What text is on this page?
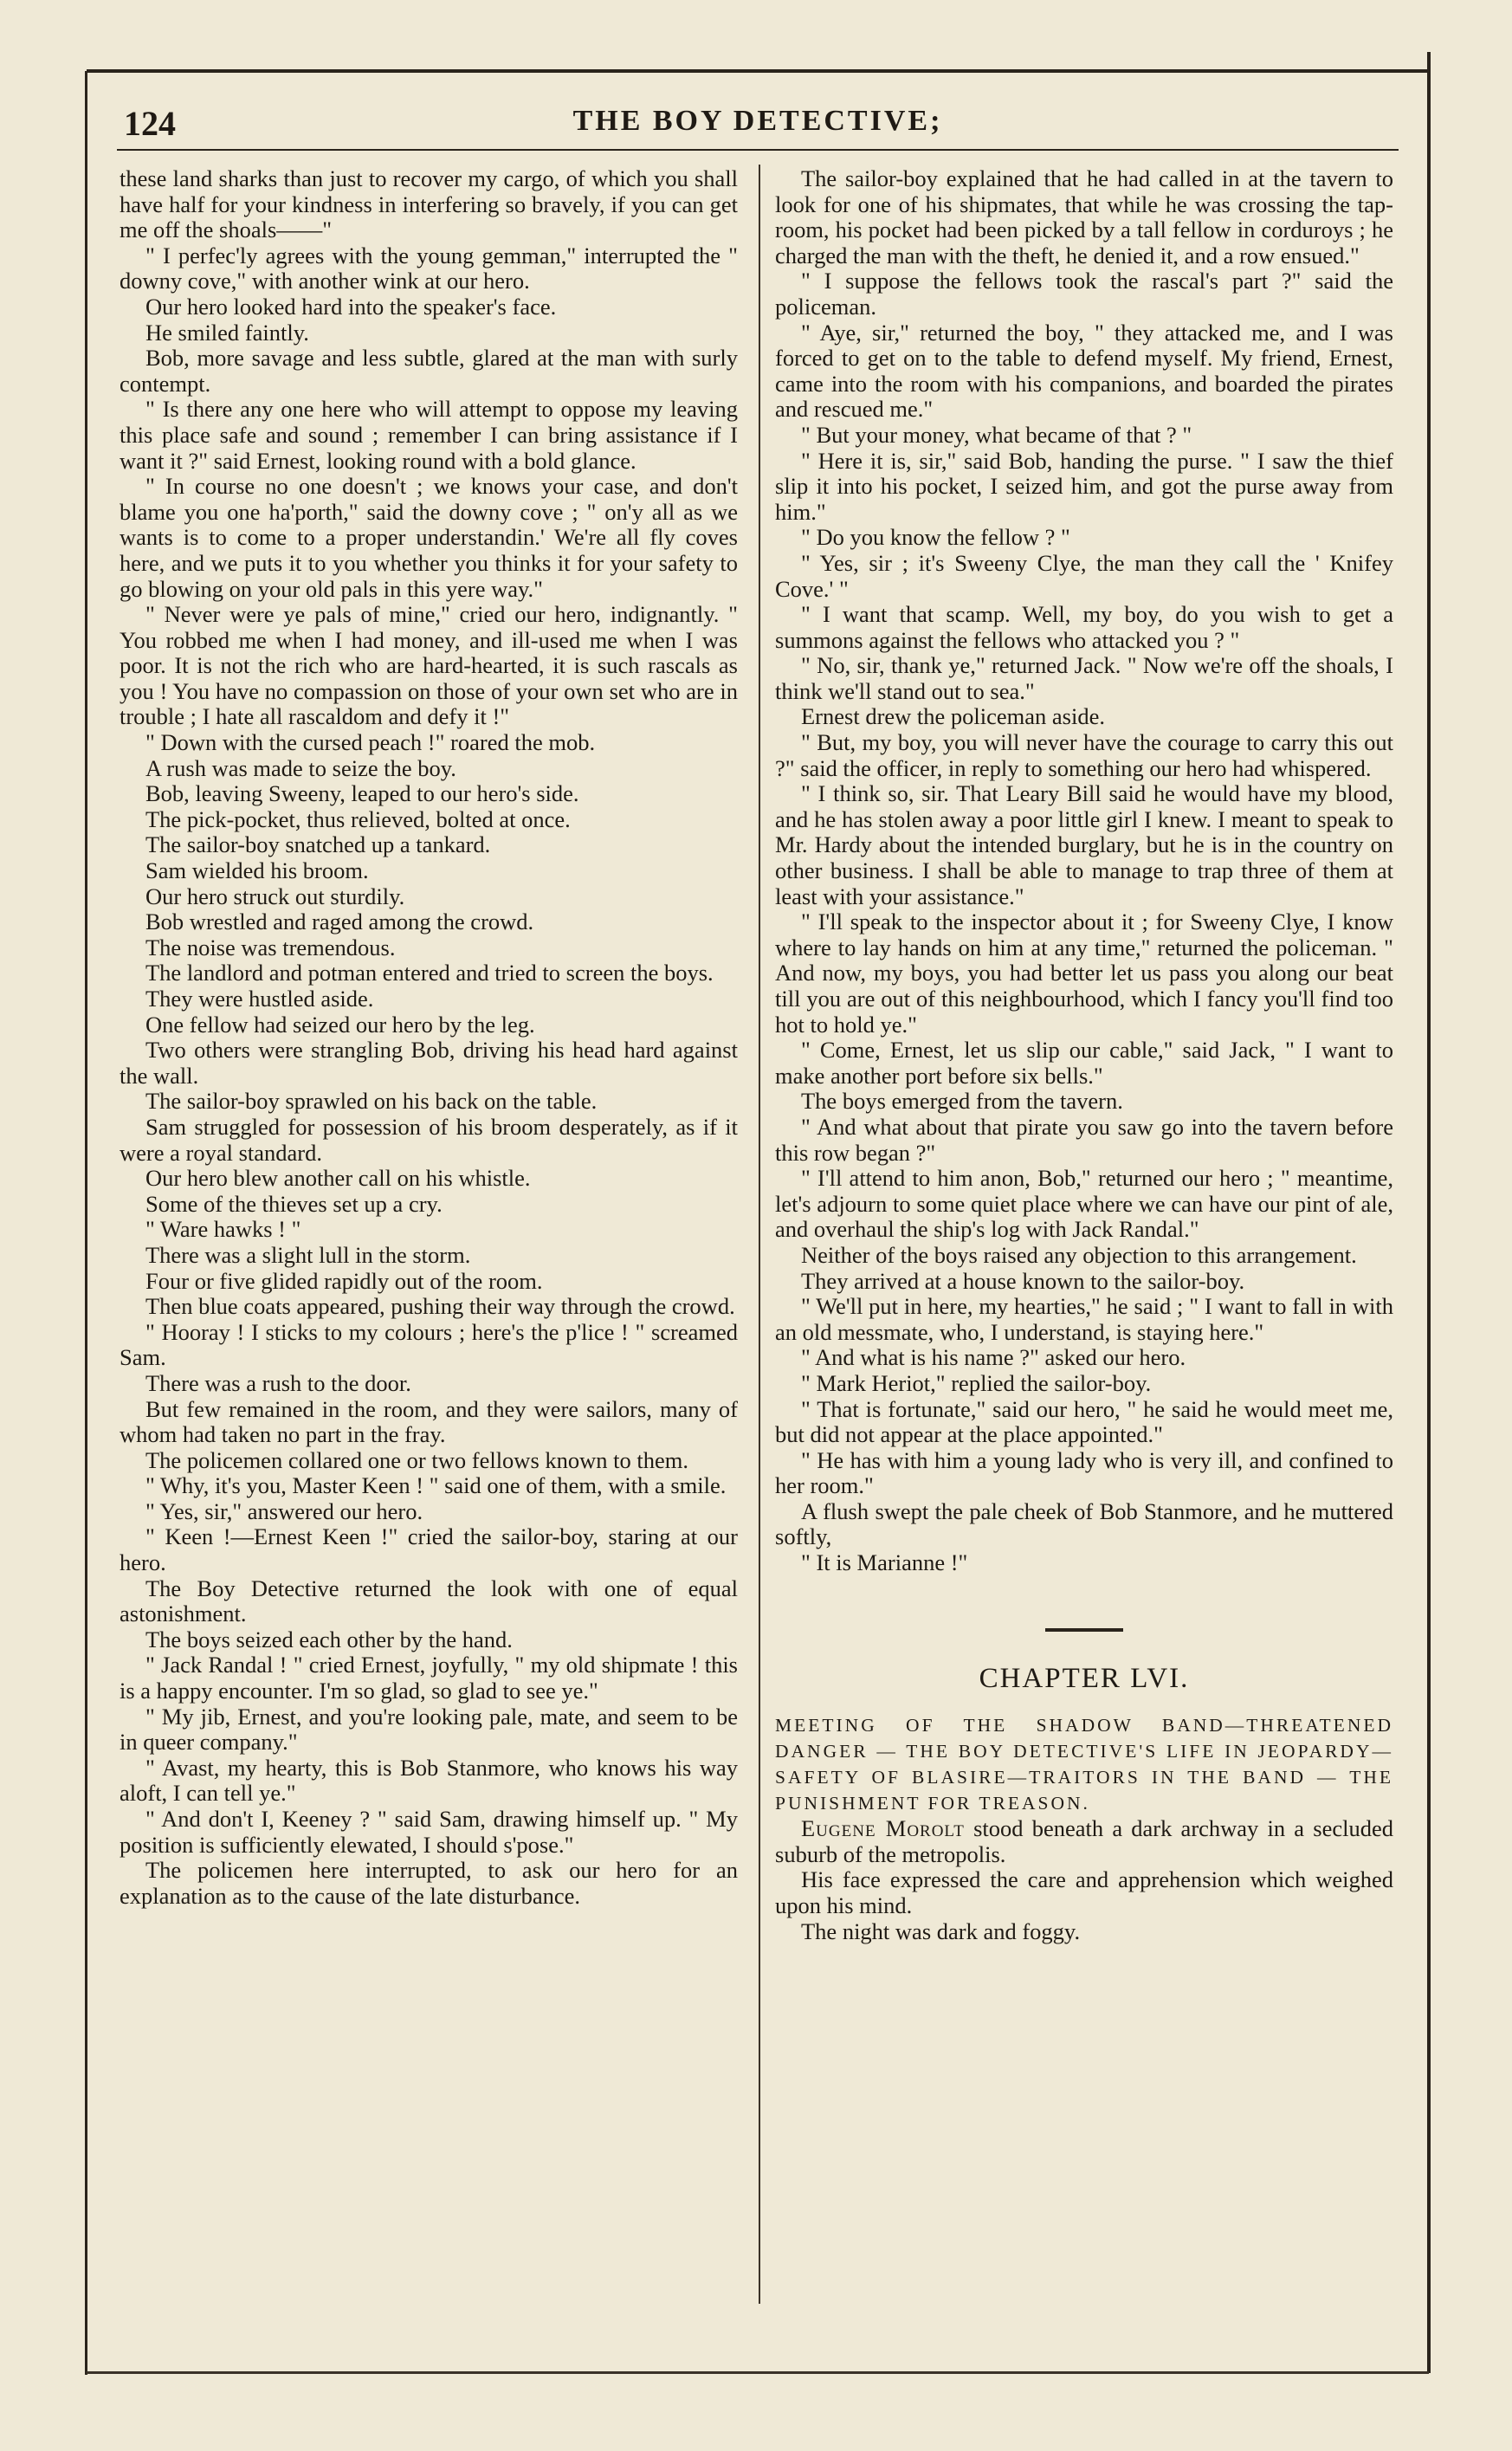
124	THE BOY DETECTIVE;

these land sharks than just to recover my cargo, of which you shall have half for your kindness in interfering so bravely, if you can get me off the shoals——"

" I perfec'ly agrees with the young gemman," interrupted the " downy cove," with another wink at our hero.

Our hero looked hard into the speaker's face.

He smiled faintly.

Bob, more savage and less subtle, glared at the man with surly contempt.

" Is there any one here who will attempt to oppose my leaving this place safe and sound ; remember I can bring assistance if I want it ?" said Ernest, looking round with a bold glance.

" In course no one doesn't ; we knows your case, and don't blame you one ha'porth," said the downy cove ; " on'y all as we wants is to come to a proper understandin.' We're all fly coves here, and we puts it to you whether you thinks it for your safety to go blowing on your old pals in this yere way."

" Never were ye pals of mine," cried our hero, indignantly. " You robbed me when I had money, and ill-used me when I was poor. It is not the rich who are hard-hearted, it is such rascals as you ! You have no compassion on those of your own set who are in trouble ; I hate all rascaldom and defy it !"

" Down with the cursed peach !" roared the mob.

A rush was made to seize the boy.

Bob, leaving Sweeny, leaped to our hero's side.

The pick-pocket, thus relieved, bolted at once.

The sailor-boy snatched up a tankard.

Sam wielded his broom.

Our hero struck out sturdily.

Bob wrestled and raged among the crowd.

The noise was tremendous.

The landlord and potman entered and tried to screen the boys.

They were hustled aside.

One fellow had seized our hero by the leg.

Two others were strangling Bob, driving his head hard against the wall.

The sailor-boy sprawled on his back on the table.

Sam struggled for possession of his broom desperately, as if it were a royal standard.

Our hero blew another call on his whistle.

Some of the thieves set up a cry.

" Ware hawks ! "

There was a slight lull in the storm.

Four or five glided rapidly out of the room.

Then blue coats appeared, pushing their way through the crowd.

" Hooray ! I sticks to my colours ; here's the p'lice ! " screamed Sam.

There was a rush to the door.

But few remained in the room, and they were sailors, many of whom had taken no part in the fray.

The policemen collared one or two fellows known to them.

" Why, it's you, Master Keen ! " said one of them, with a smile.

" Yes, sir," answered our hero.

" Keen !—Ernest Keen !" cried the sailor-boy, staring at our hero.

The Boy Detective returned the look with one of equal astonishment.

The boys seized each other by the hand.

" Jack Randal ! " cried Ernest, joyfully, " my old shipmate ! this is a happy encounter. I'm so glad, so glad to see ye."

" My jib, Ernest, and you're looking pale, mate, and seem to be in queer company."

" Avast, my hearty, this is Bob Stanmore, who knows his way aloft, I can tell ye."

" And don't I, Keeney ? " said Sam, drawing himself up. " My position is sufficiently elewated, I should s'pose."

The policemen here interrupted, to ask our hero for an explanation as to the cause of the late disturbance.

The sailor-boy explained that he had called in at the tavern to look for one of his shipmates, that while he was crossing the tap-room, his pocket had been picked by a tall fellow in corduroys ; he charged the man with the theft, he denied it, and a row ensued."

" I suppose the fellows took the rascal's part ?" said the policeman.

" Aye, sir," returned the boy, " they attacked me, and I was forced to get on to the table to defend myself. My friend, Ernest, came into the room with his companions, and boarded the pirates and rescued me."

" But your money, what became of that ? "

" Here it is, sir," said Bob, handing the purse. " I saw the thief slip it into his pocket, I seized him, and got the purse away from him."

" Do you know the fellow ? "

" Yes, sir ; it's Sweeny Clye, the man they call the ' Knifey Cove.' "

" I want that scamp. Well, my boy, do you wish to get a summons against the fellows who attacked you ? "

" No, sir, thank ye," returned Jack. " Now we're off the shoals, I think we'll stand out to sea."

Ernest drew the policeman aside.

" But, my boy, you will never have the courage to carry this out ?" said the officer, in reply to something our hero had whispered.

" I think so, sir. That Leary Bill said he would have my blood, and he has stolen away a poor little girl I knew. I meant to speak to Mr. Hardy about the intended burglary, but he is in the country on other business. I shall be able to manage to trap three of them at least with your assistance."

" I'll speak to the inspector about it ; for Sweeny Clye, I know where to lay hands on him at any time," returned the policeman. " And now, my boys, you had better let us pass you along our beat till you are out of this neighbourhood, which I fancy you'll find too hot to hold ye."

" Come, Ernest, let us slip our cable," said Jack, " I want to make another port before six bells."

The boys emerged from the tavern.

" And what about that pirate you saw go into the tavern before this row began ?"

" I'll attend to him anon, Bob," returned our hero ; " meantime, let's adjourn to some quiet place where we can have our pint of ale, and overhaul the ship's log with Jack Randal."

Neither of the boys raised any objection to this arrangement.

They arrived at a house known to the sailor-boy.

" We'll put in here, my hearties," he said ; " I want to fall in with an old messmate, who, I understand, is staying here."

" And what is his name ?" asked our hero.

" Mark Heriot," replied the sailor-boy.

" That is fortunate," said our hero, " he said he would meet me, but did not appear at the place appointed."

" He has with him a young lady who is very ill, and confined to her room."

A flush swept the pale cheek of Bob Stanmore, and he muttered softly,

" It is Marianne !"

CHAPTER LVI.

MEETING OF THE SHADOW BAND—THREATENED DANGER — THE BOY DETECTIVE'S LIFE IN JEOPARDY—SAFETY OF BLASIRE—TRAITORS IN THE BAND — THE PUNISHMENT FOR TREASON.

Eugene Morolt stood beneath a dark archway in a secluded suburb of the metropolis.

His face expressed the care and apprehension which weighed upon his mind.

The night was dark and foggy.
